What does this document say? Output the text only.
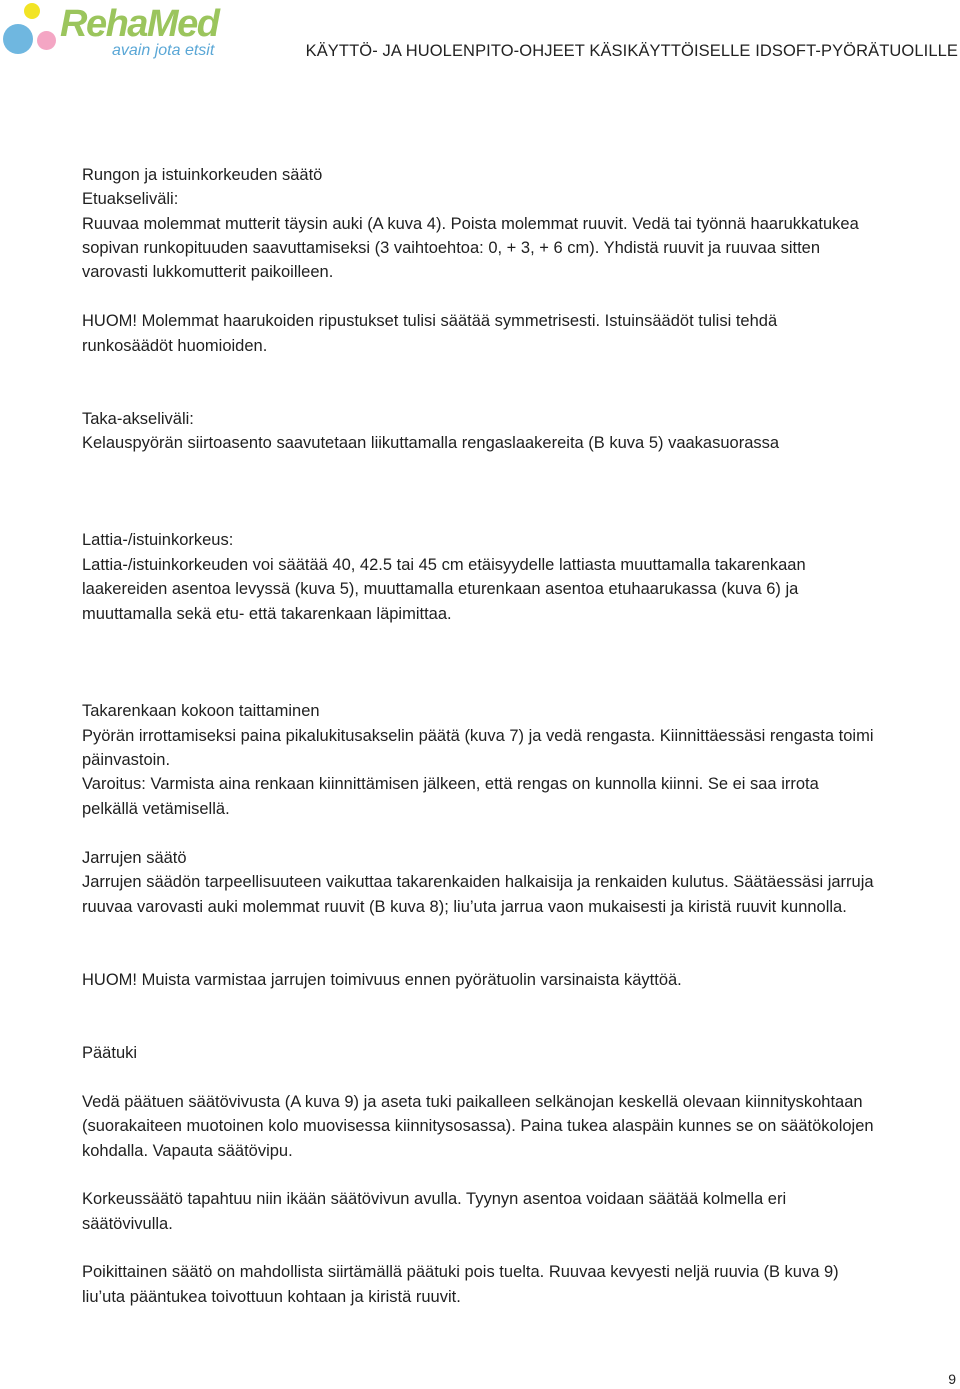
RehaMed
avain jota etsit	KÄYTTÖ- JA HUOLENPITO-OHJEET KÄSIKÄYTTÖISELLE IDSOFT-PYÖRÄTUOLILLE
Rungon ja istuinkorkeuden säätö
Etuakseliväli:
Ruuvaa molemmat mutterit täysin auki (A kuva 4). Poista molemmat ruuvit. Vedä tai työnnä haarukkatukea
sopivan runkopituuden saavuttamiseksi (3 vaihtoehtoa: 0, + 3, + 6 cm). Yhdistä ruuvit ja ruuvaa sitten
varovasti lukkomutterit paikoilleen.
HUOM! Molemmat haarukoiden ripustukset tulisi säätää symmetrisesti. Istuinsäädöt tulisi tehdä
runkosäädöt huomioiden.
Taka-akseliväli:
Kelauspyörän siirtoasento saavutetaan liikuttamalla rengaslaakereita (B kuva 5) vaakasuorassa
Lattia-/istuinkorkeus:
Lattia-/istuinkorkeuden voi säätää 40, 42.5 tai 45 cm etäisyydelle lattiasta muuttamalla takarenkaan
laakereiden asentoa levyssä (kuva 5), muuttamalla eturenkaan asentoa etuhaarukassa (kuva 6) ja
muuttamalla sekä etu- että takarenkaan läpimittaa.
Takarenkaan kokoon taittaminen
Pyörän irrottamiseksi paina pikalukitusakselin päätä (kuva 7) ja vedä rengasta. Kiinnittäessäsi rengasta toimi
päinvastoin.
Varoitus: Varmista aina renkaan kiinnittämisen jälkeen, että rengas on kunnolla kiinni. Se ei saa irrota
pelkällä vetämisellä.
Jarrujen säätö
Jarrujen säädön tarpeellisuuteen vaikuttaa takarenkaiden halkaisija ja renkaiden kulutus. Säätäessäsi jarruja
ruuvaa varovasti auki molemmat ruuvit (B kuva 8); liu’uta jarrua vaon mukaisesti ja kiristä ruuvit kunnolla.
HUOM! Muista varmistaa jarrujen toimivuus ennen pyörätuolin varsinaista käyttöä.
Päätuki
Vedä päätuen säätövivusta (A kuva 9) ja aseta tuki paikalleen selkänojan keskellä olevaan kiinnityskohtaan
(suorakaiteen muotoinen kolo muovisessa kiinnitysosassa). Paina tukea alaspäin kunnes se on säätökolojen
kohdalla. Vapauta säätövipu.
Korkeussäätö tapahtuu niin ikään säätövivun avulla. Tyynyn asentoa voidaan säätää kolmella eri
säätövivulla.
Poikittainen säätö on mahdollista siirtämällä päätuki pois tuelta. Ruuvaa kevyesti neljä ruuvia (B kuva 9)
liu’uta pääntukea toivottuun kohtaan ja kiristä ruuvit.
9
